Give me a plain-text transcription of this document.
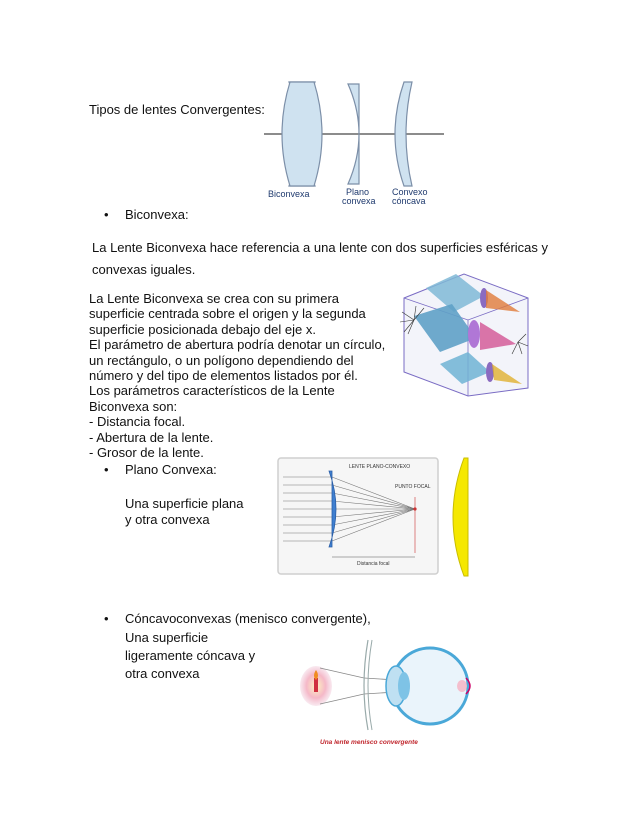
Tipos de lentes Convergentes:
Biconvexa	Plano
convexa
Convexo
cóncava
• Biconvexa:
La Lente Biconvexa hace referencia a una lente con dos superficies esféricas y
convexas iguales.
La Lente Biconvexa se crea con su primera
superficie centrada sobre el origen y la segunda
superficie posicionada debajo del eje x.
El parámetro de abertura podría denotar un círculo,
un rectángulo, o un polígono dependiendo del
número y del tipo de elementos listados por él.
Los parámetros característicos de la Lente
Biconvexa son:
- Distancia focal.
- Abertura de la lente.
- Grosor de la lente.
• Plano Convexa:
Una superficie plana
y otra convexa
LENTE PLANO-CONVEXO
PUNTO FOCAL
Distancia focal
• Cóncavoconvexas (menisco convergente),
Una superficie
ligeramente cóncava y
otra convexa
Una lente menisco convergente
